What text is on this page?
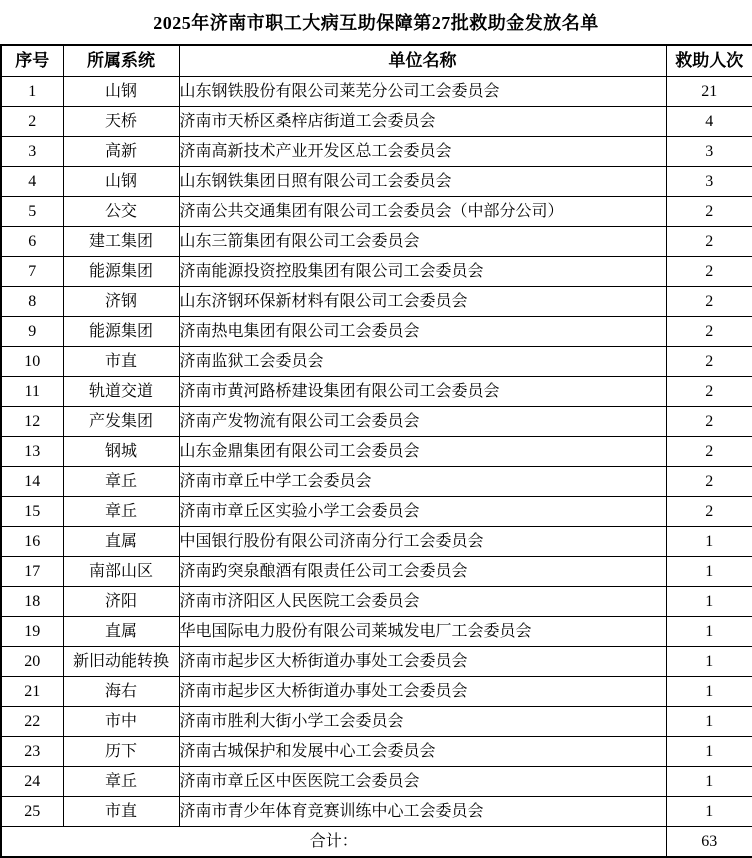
2025年济南市职工大病互助保障第27批救助金发放名单
序号	所属系统	单位名称	救助人次
1	山钢	山东钢铁股份有限公司莱芜分公司工会委员会	21
2	天桥	济南市天桥区桑梓店街道工会委员会	4
3	高新	济南高新技术产业开发区总工会委员会	3
4	山钢	山东钢铁集团日照有限公司工会委员会	3
5	公交	济南公共交通集团有限公司工会委员会（中部分公司）	2
6	建工集团	山东三箭集团有限公司工会委员会	2
7	能源集团	济南能源投资控股集团有限公司工会委员会	2
8	济钢	山东济钢环保新材料有限公司工会委员会	2
9	能源集团	济南热电集团有限公司工会委员会	2
10	市直	济南监狱工会委员会	2
11	轨道交道	济南市黄河路桥建设集团有限公司工会委员会	2
12	产发集团	济南产发物流有限公司工会委员会	2
13	钢城	山东金鼎集团有限公司工会委员会	2
14	章丘	济南市章丘中学工会委员会	2
15	章丘	济南市章丘区实验小学工会委员会	2
16	直属	中国银行股份有限公司济南分行工会委员会	1
17	南部山区	济南趵突泉酿酒有限责任公司工会委员会	1
18	济阳	济南市济阳区人民医院工会委员会	1
19	直属	华电国际电力股份有限公司莱城发电厂工会委员会	1
20	新旧动能转换	济南市起步区大桥街道办事处工会委员会	1
21	海右	济南市起步区大桥街道办事处工会委员会	1
22	市中	济南市胜利大街小学工会委员会	1
23	历下	济南古城保护和发展中心工会委员会	1
24	章丘	济南市章丘区中医医院工会委员会	1
25	市直	济南市青少年体育竞赛训练中心工会委员会	1
合计：			63
